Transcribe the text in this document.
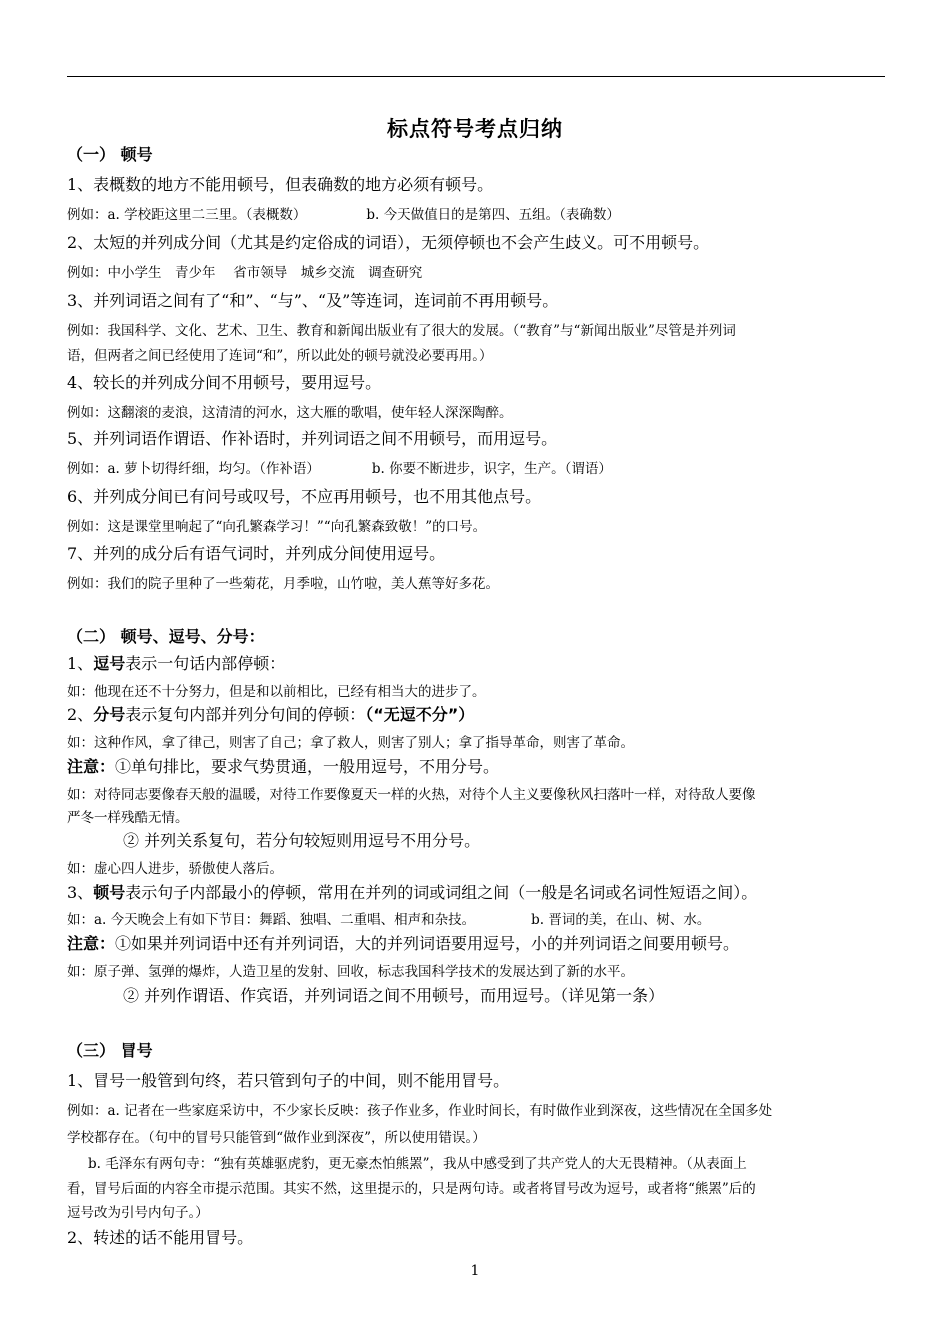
标点符号考点归纳
（一） 顿号
1、表概数的地方不能用顿号，但表确数的地方必须有顿号。
例如：a. 学校距这里二三里。（表概数）	b. 今天做值日的是第四、五组。（表确数）
2、太短的并列成分间（尤其是约定俗成的词语），无须停顿也不会产生歧义。可不用顿号。
例如：中小学生　青少年　 省市领导　城乡交流　调查研究
3、并列词语之间有了“和”、“与”、“及”等连词，连词前不再用顿号。
例如：我国科学、文化、艺术、卫生、教育和新闻出版业有了很大的发展。（“教育”与“新闻出版业”尽管是并列词
语，但两者之间已经使用了连词“和”，所以此处的顿号就没必要再用。）
4、较长的并列成分间不用顿号，要用逗号。
例如：这翻滚的麦浪，这清清的河水，这大雁的歌唱，使年轻人深深陶醉。
5、并列词语作谓语、作补语时，并列词语之间不用顿号，而用逗号。
例如：a. 萝卜切得纤细，均匀。（作补语）	b. 你要不断进步，识字，生产。（谓语）
6、并列成分间已有问号或叹号，不应再用顿号，也不用其他点号。
例如：这是课堂里响起了“向孔繁森学习！”“向孔繁森致敬！”的口号。
7、并列的成分后有语气词时，并列成分间使用逗号。
例如：我们的院子里种了一些菊花，月季啦，山竹啦，美人蕉等好多花。
（二） 顿号、逗号、分号：
1、逗号表示一句话内部停顿：
如：他现在还不十分努力，但是和以前相比，已经有相当大的进步了。
2、分号表示复句内部并列分句间的停顿：（“无逗不分”）
如：这种作风，拿了律己，则害了自己；拿了救人，则害了别人；拿了指导革命，则害了革命。
注意：①单句排比，要求气势贯通，一般用逗号，不用分号。
如：对待同志要像春天般的温暖，对待工作要像夏天一样的火热，对待个人主义要像秋风扫落叶一样，对待敌人要像
严冬一样残酷无情。
② 并列关系复句，若分句较短则用逗号不用分号。
如：虚心四人进步，骄傲使人落后。
3、顿号表示句子内部最小的停顿，常用在并列的词或词组之间（一般是名词或名词性短语之间）。
如：a. 今天晚会上有如下节目：舞蹈、独唱、二重唱、相声和杂技。	b. 晋词的美，在山、树、水。
注意：①如果并列词语中还有并列词语，大的并列词语要用逗号，小的并列词语之间要用顿号。
如：原子弹、氢弹的爆炸，人造卫星的发射、回收，标志我国科学技术的发展达到了新的水平。
② 并列作谓语、作宾语，并列词语之间不用顿号，而用逗号。（详见第一条）
（三） 冒号
1、冒号一般管到句终，若只管到句子的中间，则不能用冒号。
例如：a. 记者在一些家庭采访中，不少家长反映：孩子作业多，作业时间长，有时做作业到深夜，这些情况在全国多处
学校都存在。（句中的冒号只能管到“做作业到深夜”，所以使用错误。）
b. 毛泽东有两句寺：“独有英雄驱虎豹，更无豪杰怕熊罴”，我从中感受到了共产党人的大无畏精神。（从表面上
看，冒号后面的内容全市提示范围。其实不然，这里提示的，只是两句诗。或者将冒号改为逗号，或者将“熊罴”后的
逗号改为引号内句子。）
2、转述的话不能用冒号。
1
